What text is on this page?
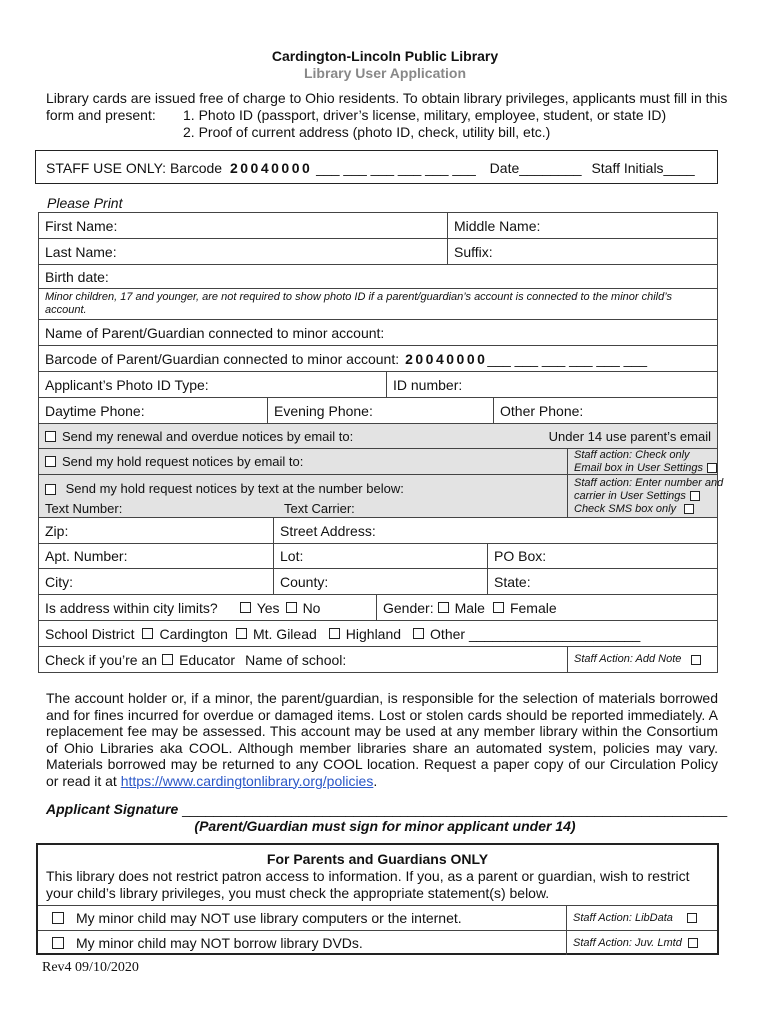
Cardington-Lincoln Public Library
Library User Application
Library cards are issued free of charge to Ohio residents. To obtain library privileges, applicants must fill in this
form and present:	1. Photo ID (passport, driver’s license, military, employee, student, or state ID)
2. Proof of current address (photo ID, check, utility bill, etc.)
STAFF USE ONLY: Barcode 20040000 ___ ___ ___ ___ ___ ___ Date________ Staff Initials____
Please Print
First Name:	Middle Name:
Last Name:	Suffix:
Birth date:
Minor children, 17 and younger, are not required to show photo ID if a parent/guardian’s account is connected to the minor child’s account.
Name of Parent/Guardian connected to minor account:
Barcode of Parent/Guardian connected to minor account: 20040000 ___ ___ ___ ___ ___ ___
Applicant’s Photo ID Type:	ID number:
Daytime Phone:	Evening Phone:	Other Phone:
Send my renewal and overdue notices by email to:	Under 14 use parent’s email
Send my hold request notices by email to:	Staff action: Check only
Email box in User Settings
Send my hold request notices by text at the number below:
Text Number:	Text Carrier:
Staff action: Enter number and
carrier in User Settings
Check SMS box only
Zip:	Street Address:
Apt. Number:	Lot:	PO Box:
City:	County:	State:
Is address within city limits?	Yes No	Gender: Male Female
School District Cardington Mt. Gilead Highland Other ______________________
Check if you’re an Educator Name of school:	Staff Action: Add Note
The account holder or, if a minor, the parent/guardian, is responsible for the selection of materials borrowed and for fines incurred for overdue or damaged items. Lost or stolen cards should be reported immediately. A replacement fee may be assessed. This account may be used at any member library within the Consortium of Ohio Libraries aka COOL. Although member libraries share an automated system, policies may vary. Materials borrowed may be returned to any COOL location. Request a paper copy of our Circulation Policy or read it at https://www.cardingtonlibrary.org/policies.
Applicant Signature ______________________________________________________________________
(Parent/Guardian must sign for minor applicant under 14)
For Parents and Guardians ONLY
This library does not restrict patron access to information. If you, as a parent or guardian, wish to restrict your child’s library privileges, you must check the appropriate statement(s) below.
My minor child may NOT use library computers or the internet.	Staff Action: LibData
My minor child may NOT borrow library DVDs.	Staff Action: Juv. Lmtd
Rev4 09/10/2020
